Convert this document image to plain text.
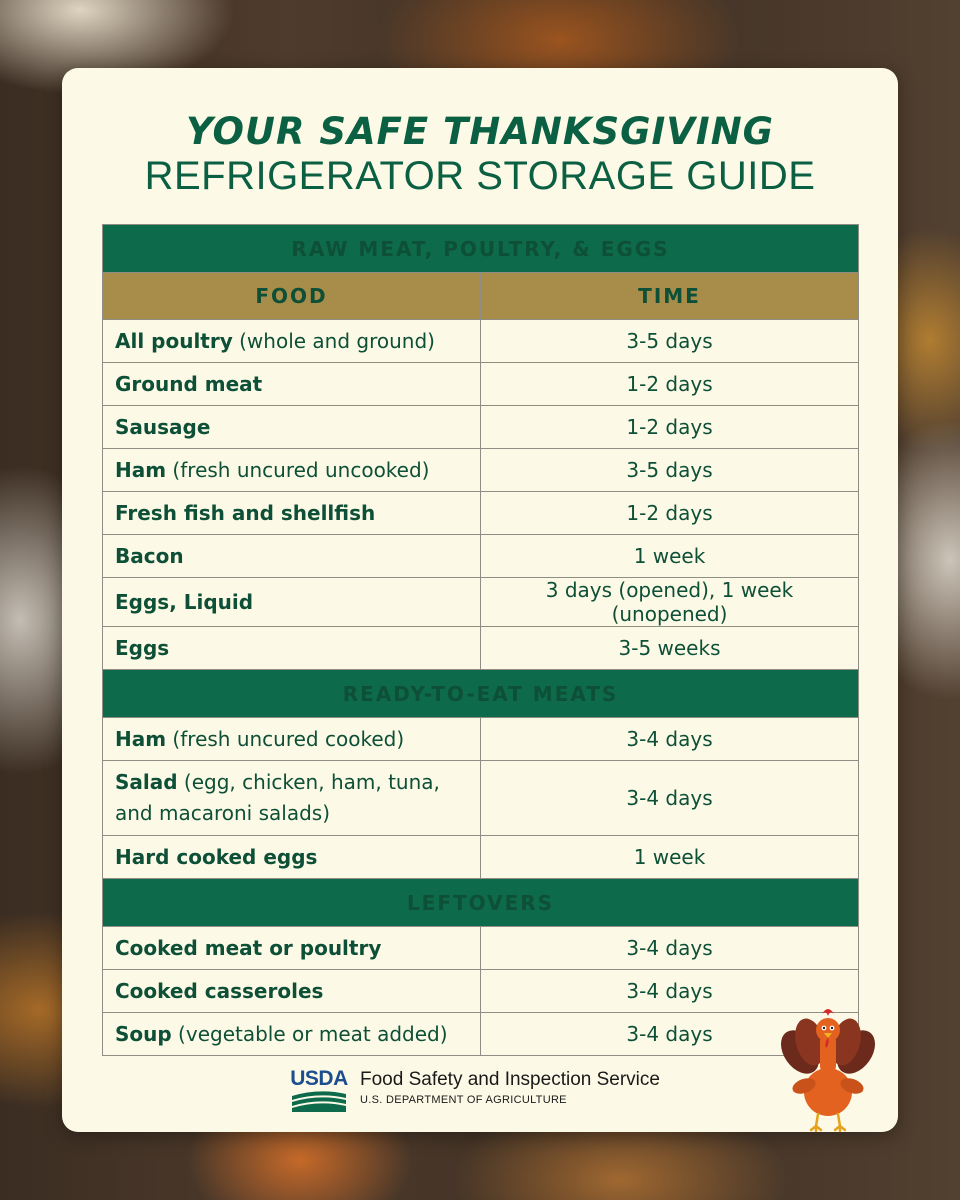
YOUR SAFE THANKSGIVING
REFRIGERATOR STORAGE GUIDE
RAW MEAT, POULTRY, & EGGS	
FOOD	TIME
All poultry (whole and ground)	3-5 days
Ground meat	1-2 days
Sausage	1-2 days
Ham (fresh uncured uncooked)	3-5 days
Fresh fish and shellfish	1-2 days
Bacon	1 week
Eggs, Liquid	3 days (opened), 1 week (unopened)
Eggs	3-5 weeks
READY-TO-EAT MEATS	
Ham (fresh uncured cooked)	3-4 days
Salad (egg, chicken, ham, tuna, and macaroni salads)	3-4 days
Hard cooked eggs	1 week
LEFTOVERS	
Cooked meat or poultry	3-4 days
Cooked casseroles	3-4 days
Soup (vegetable or meat added)	3-4 days
USDA Food Safety and Inspection Service
U.S. DEPARTMENT OF AGRICULTURE
